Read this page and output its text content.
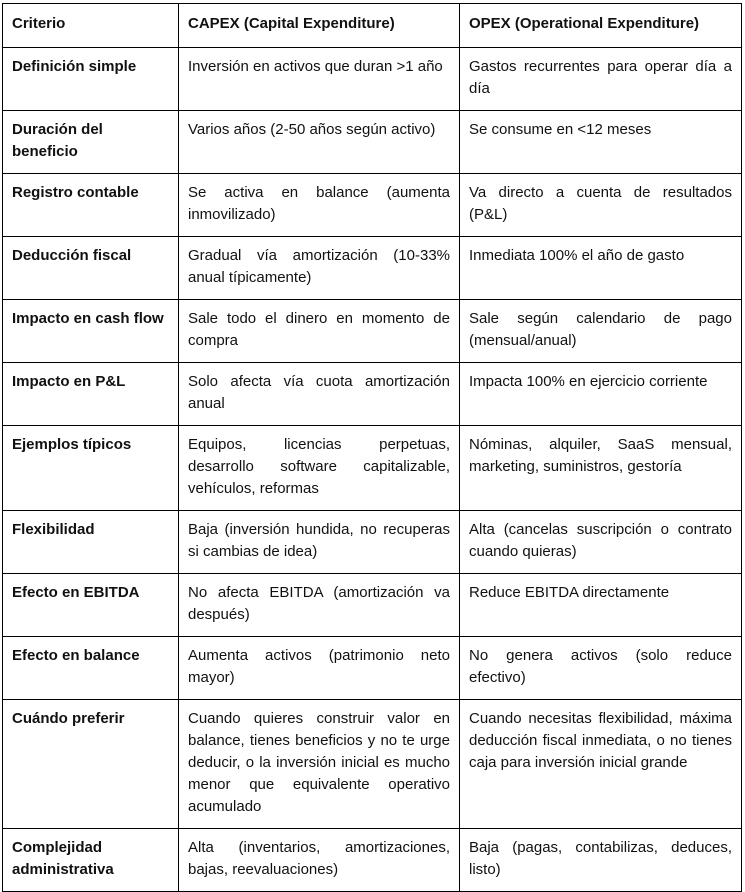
Criterio	CAPEX (Capital Expenditure)	OPEX (Operational Expenditure)
Definición simple	Inversión en activos que duran >1 año	Gastos recurrentes para operar día a día
Duración del beneficio	Varios años (2-50 años según activo)	Se consume en <12 meses
Registro contable	Se activa en balance (aumenta inmovilizado)	Va directo a cuenta de resultados (P&L)
Deducción fiscal	Gradual vía amortización (10-33% anual típicamente)	Inmediata 100% el año de gasto
Impacto en cash flow	Sale todo el dinero en momento de compra	Sale según calendario de pago (mensual/anual)
Impacto en P&L	Solo afecta vía cuota amortización anual	Impacta 100% en ejercicio corriente
Ejemplos típicos	Equipos, licencias perpetuas, desarrollo software capitalizable, vehículos, reformas	Nóminas, alquiler, SaaS mensual, marketing, suministros, gestoría
Flexibilidad	Baja (inversión hundida, no recuperas si cambias de idea)	Alta (cancelas suscripción o contrato cuando quieras)
Efecto en EBITDA	No afecta EBITDA (amortización va después)	Reduce EBITDA directamente
Efecto en balance	Aumenta activos (patrimonio neto mayor)	No genera activos (solo reduce efectivo)
Cuándo preferir	Cuando quieres construir valor en balance, tienes beneficios y no te urge deducir, o la inversión inicial es mucho menor que equivalente operativo acumulado	Cuando necesitas flexibilidad, máxima deducción fiscal inmediata, o no tienes caja para inversión inicial grande
Complejidad administrativa	Alta (inventarios, amortizaciones, bajas, reevaluaciones)	Baja (pagas, contabilizas, deduces, listo)
